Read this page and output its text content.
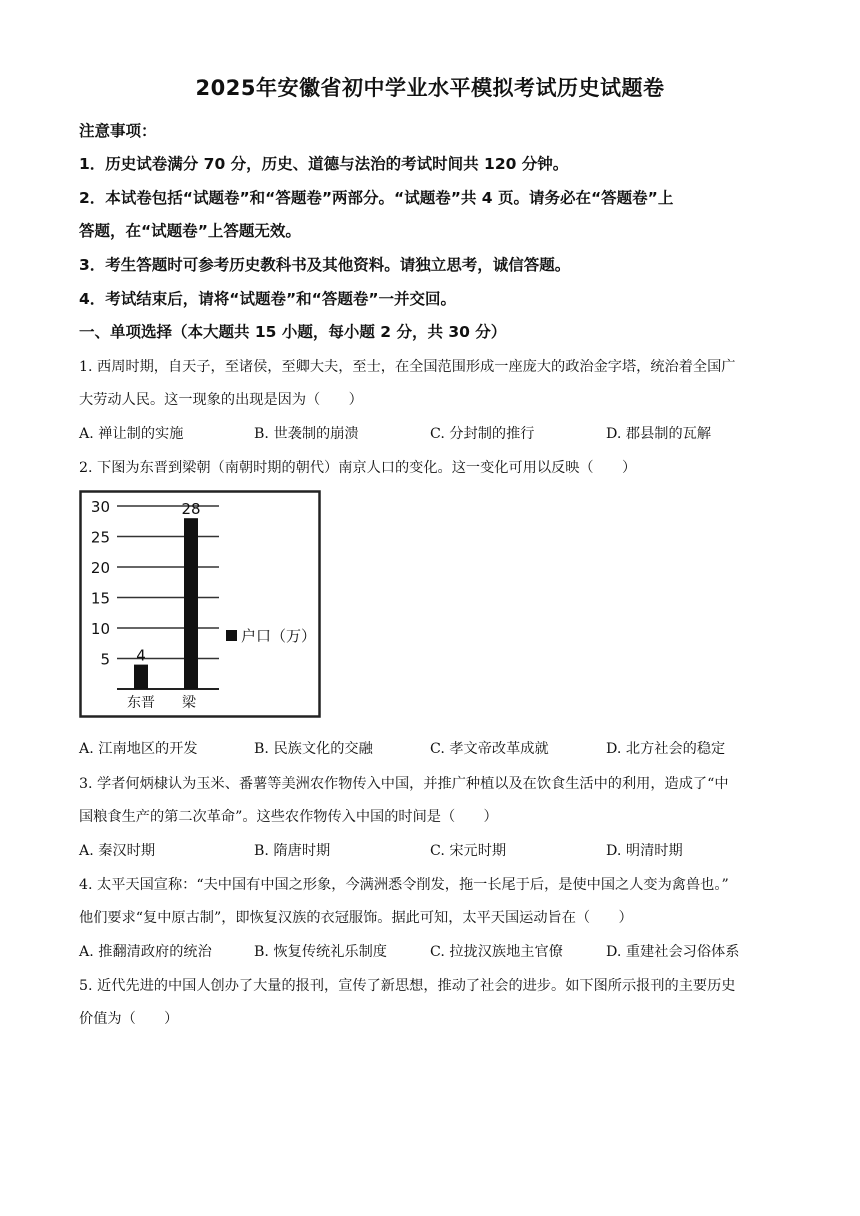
2025年安徽省初中学业水平模拟考试历史试题卷
注意事项：
1．历史试卷满分 70 分，历史、道德与法治的考试时间共 120 分钟。
2．本试卷包括“试题卷”和“答题卷”两部分。“试题卷”共 4 页。请务必在“答题卷”上
答题，在“试题卷”上答题无效。
3．考生答题时可参考历史教科书及其他资料。请独立思考，诚信答题。
4．考试结束后，请将“试题卷”和“答题卷”一并交回。
一、单项选择（本大题共 15 小题，每小题 2 分，共 30 分）
1. 西周时期，自天子，至诸侯，至卿大夫，至士，在全国范围形成一座庞大的政治金字塔，统治着全国广
大劳动人民。这一现象的出现是因为（　　）
A. 禅让制的实施	B. 世袭制的崩溃	C. 分封制的推行	D. 郡县制的瓦解
2. 下图为东晋到梁朝（南朝时期的朝代）南京人口的变化。这一变化可用以反映（　　）
30
25
20
15
10
5 4
28
东晋 梁
户口（万）
A. 江南地区的开发	B. 民族文化的交融	C. 孝文帝改革成就	D. 北方社会的稳定
3. 学者何炳棣认为玉米、番薯等美洲农作物传入中国，并推广种植以及在饮食生活中的利用，造成了“中
国粮食生产的第二次革命”。这些农作物传入中国的时间是（　　）
A. 秦汉时期	B. 隋唐时期	C. 宋元时期	D. 明清时期
4. 太平天国宣称：“夫中国有中国之形象，今满洲悉令削发，拖一长尾于后，是使中国之人变为禽兽也。”
他们要求“复中原古制”，即恢复汉族的衣冠服饰。据此可知，太平天国运动旨在（　　）
A. 推翻清政府的统治	B. 恢复传统礼乐制度	C. 拉拢汉族地主官僚	D. 重建社会习俗体系
5. 近代先进的中国人创办了大量的报刊，宣传了新思想，推动了社会的进步。如下图所示报刊的主要历史
价值为（　　）
